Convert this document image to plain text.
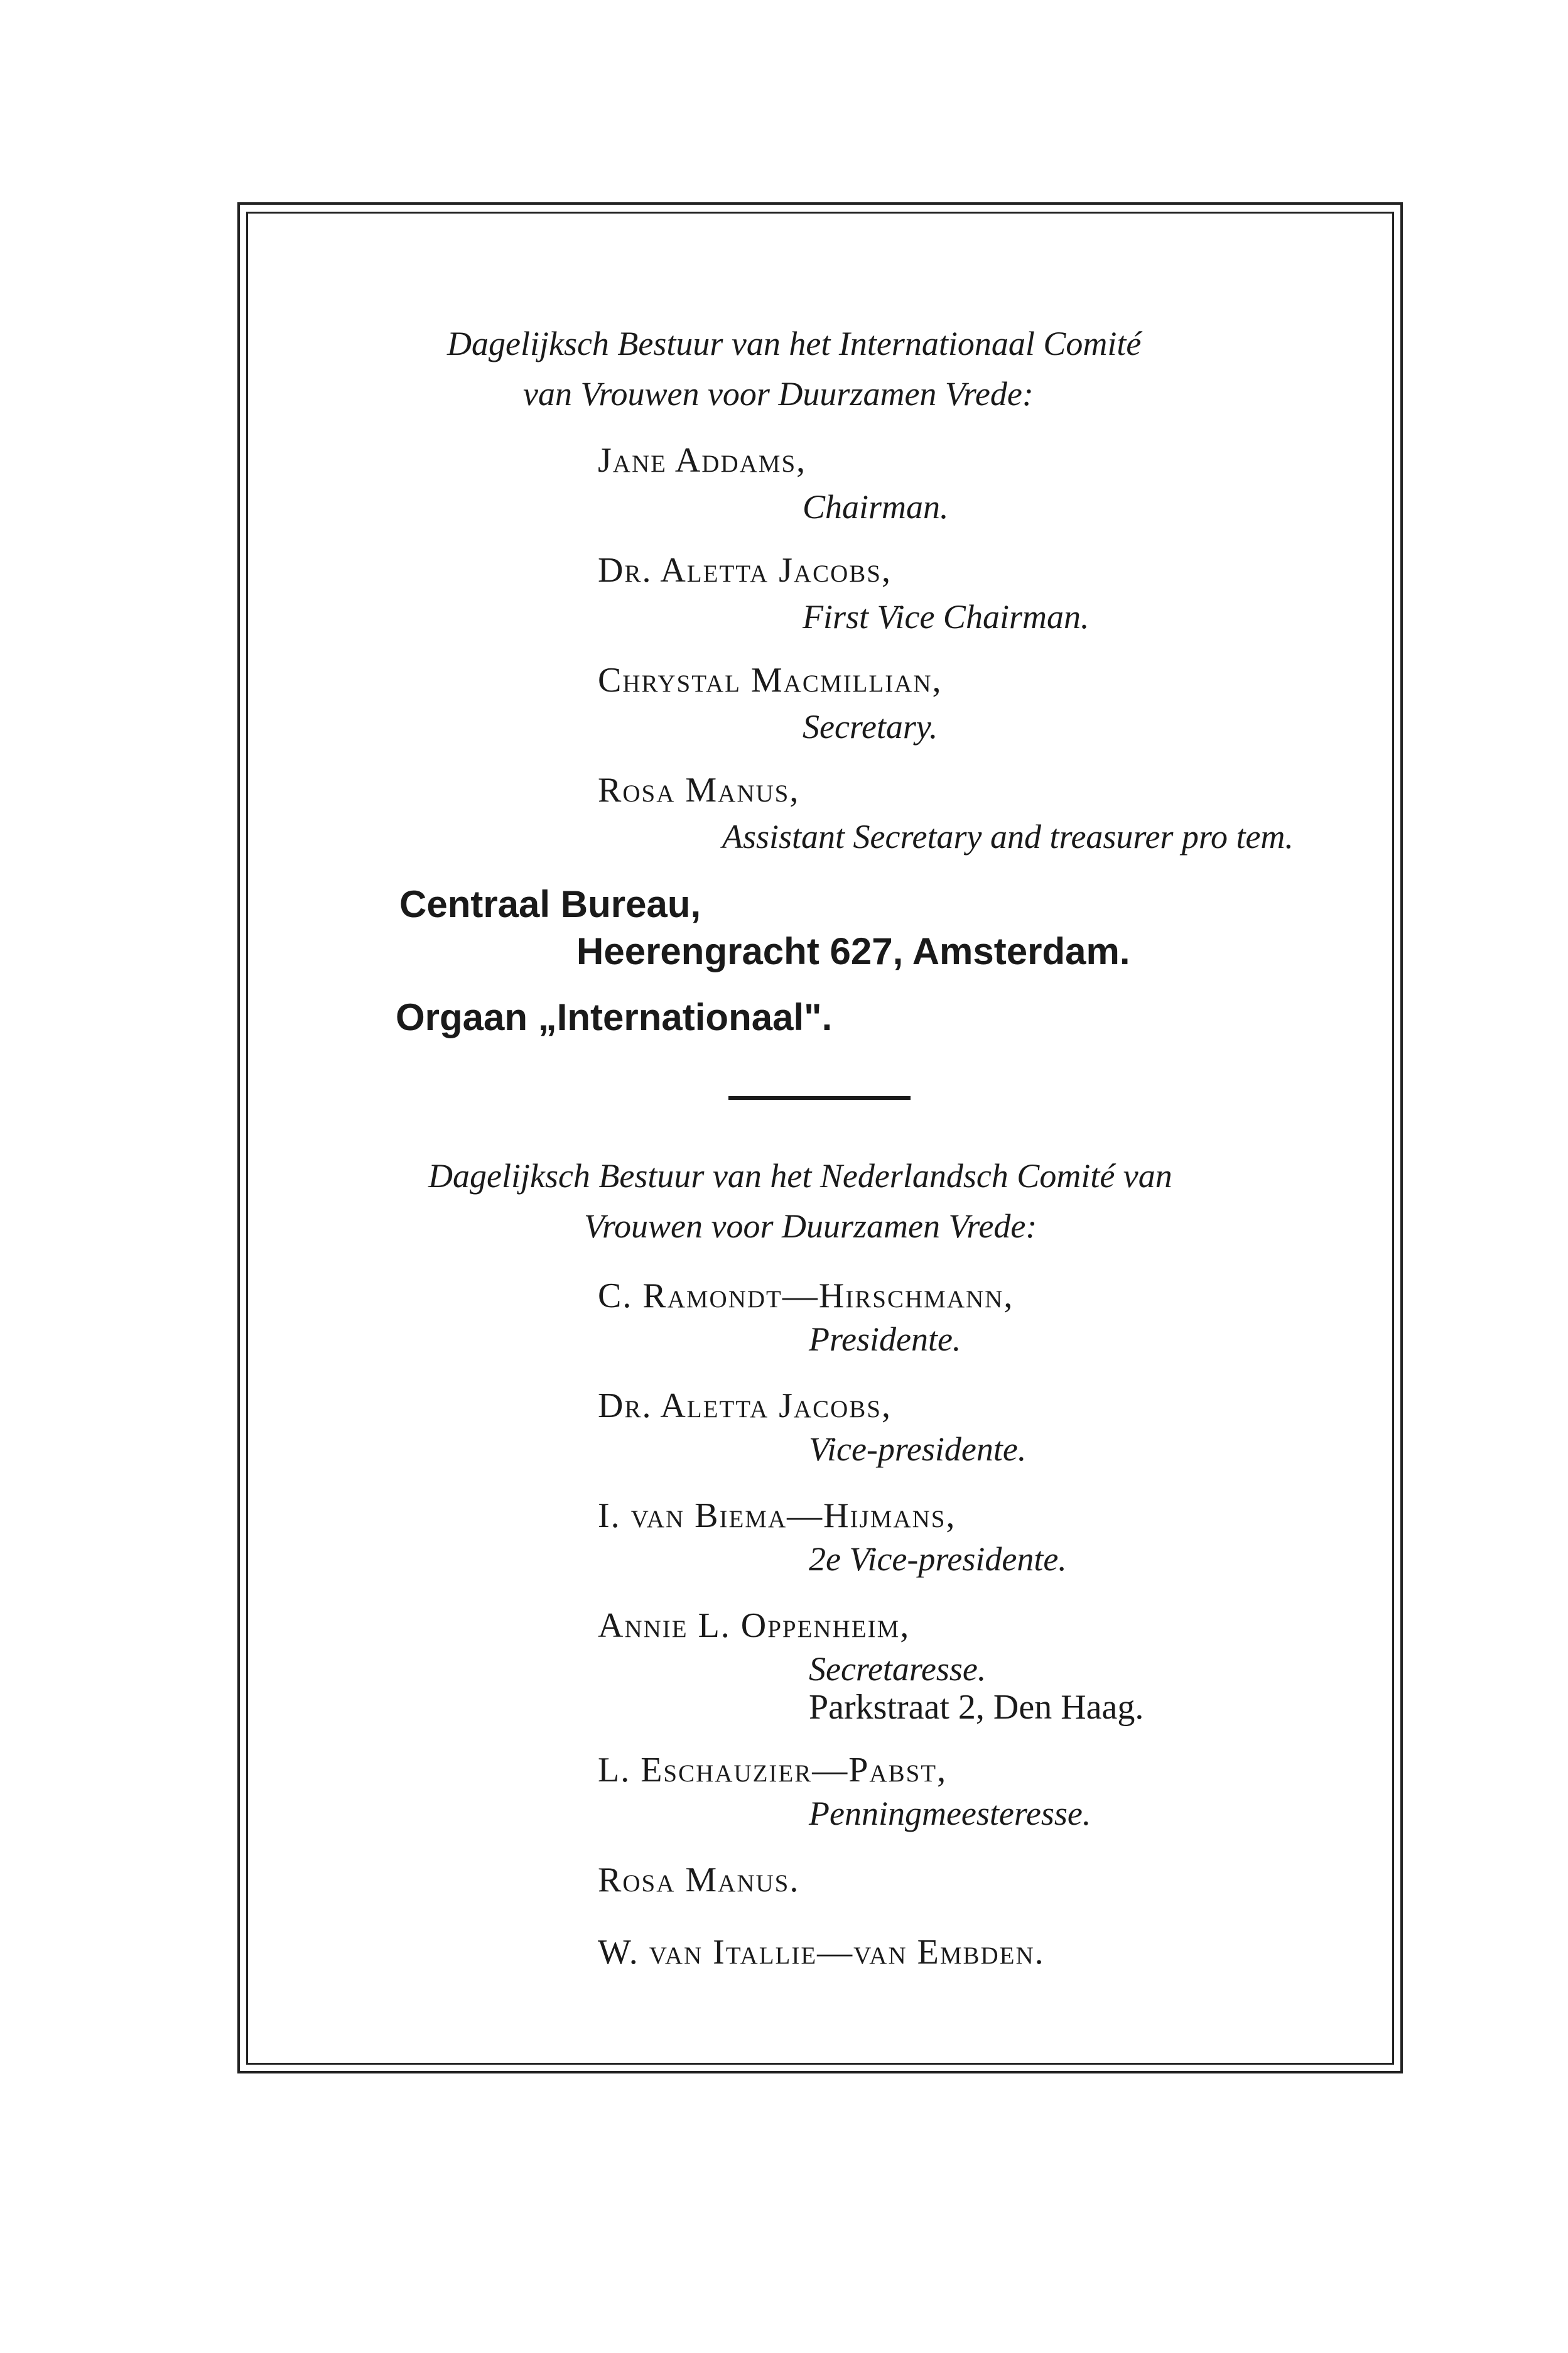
Dagelijksch Bestuur van het Internationaal Comité
van Vrouwen voor Duurzamen Vrede:
Jane Addams,
Chairman.
Dr. Aletta Jacobs,
First Vice Chairman.
Chrystal Macmillian,
Secretary.
Rosa Manus,
Assistant Secretary and treasurer pro tem.
Centraal Bureau,
Heerengracht 627, Amsterdam.
Orgaan „Internationaal".
Dagelijksch Bestuur van het Nederlandsch Comité van
Vrouwen voor Duurzamen Vrede:
C. Ramondt—Hirschmann,
Presidente.
Dr. Aletta Jacobs,
Vice-presidente.
I. van Biema—Hijmans,
2e Vice-presidente.
Annie L. Oppenheim,
Secretaresse.
Parkstraat 2, Den Haag.
L. Eschauzier—Pabst,
Penningmeesteresse.
Rosa Manus.
W. van Itallie—van Embden.
